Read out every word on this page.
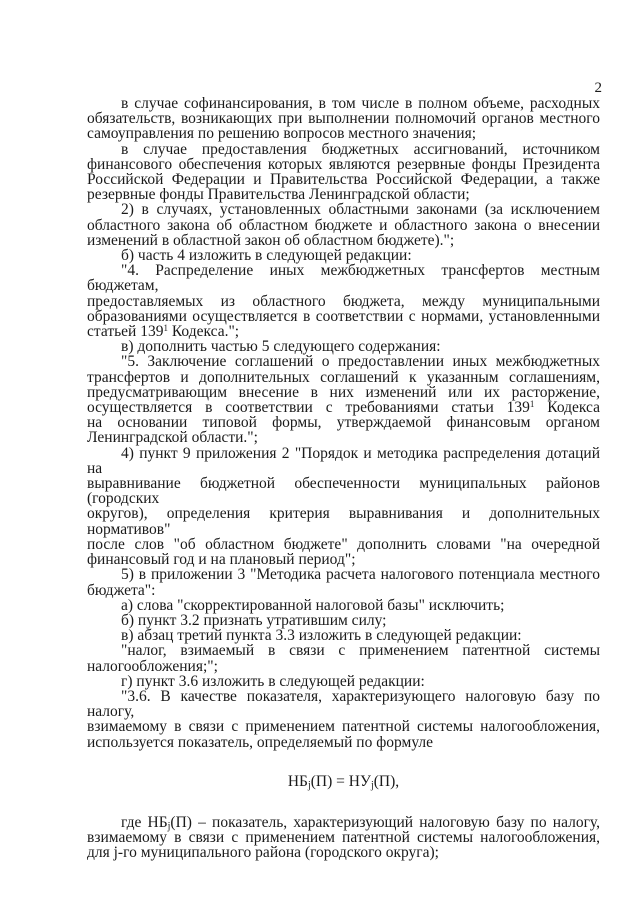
2

в случае софинансирования, в том числе в полном объеме, расходных

обязательств, возникающих при выполнении полномочий органов местного

самоуправления по решению вопросов местного значения;

в случае предоставления бюджетных ассигнований, источником

финансового обеспечения которых являются резервные фонды Президента

Российской Федерации и Правительства Российской Федерации, а также

резервные фонды Правительства Ленинградской области;

2) в случаях, установленных областными законами (за исключением

областного закона об областном бюджете и областного закона о внесении

изменений в областной закон об областном бюджете).";

б) часть 4 изложить в следующей редакции:

"4. Распределение иных межбюджетных трансфертов местным бюджетам,

предоставляемых из областного бюджета, между муниципальными

образованиями осуществляется в соответствии с нормами, установленными

статьей $139^1$ Кодекса.";

в) дополнить частью 5 следующего содержания:

"5. Заключение соглашений о предоставлении иных межбюджетных

трансфертов и дополнительных соглашений к указанным соглашениям,

предусматривающим внесение в них изменений или их расторжение,

осуществляется в соответствии с требованиями статьи $139^1$ Кодекса

на основании типовой формы, утверждаемой финансовым органом

Ленинградской области.";

4) пункт 9 приложения 2 "Порядок и методика распределения дотаций на

выравнивание бюджетной обеспеченности муниципальных районов (городских

округов), определения критерия выравнивания и дополнительных нормативов"

после слов "об областном бюджете" дополнить словами "на очередной

финансовый год и на плановый период";

5) в приложении 3 "Методика расчета налогового потенциала местного

бюджета":

а) слова "скорректированной налоговой базы" исключить;

б) пункт 3.2 признать утратившим силу;

в) абзац третий пункта 3.3 изложить в следующей редакции:

"налог, взимаемый в связи с применением патентной системы

налогообложения;";

г) пункт 3.6 изложить в следующей редакции:

"3.6. В качестве показателя, характеризующего налоговую базу по налогу,

взимаемому в связи с применением патентной системы налогообложения,

используется показатель, определяемый по формуле

$НБ_j(П) = НУ_j(П)$,

где $НБ_j(П)$ – показатель, характеризующий налоговую базу по налогу,

взимаемому в связи с применением патентной системы налогообложения,

для j-го муниципального района (городского округа);
